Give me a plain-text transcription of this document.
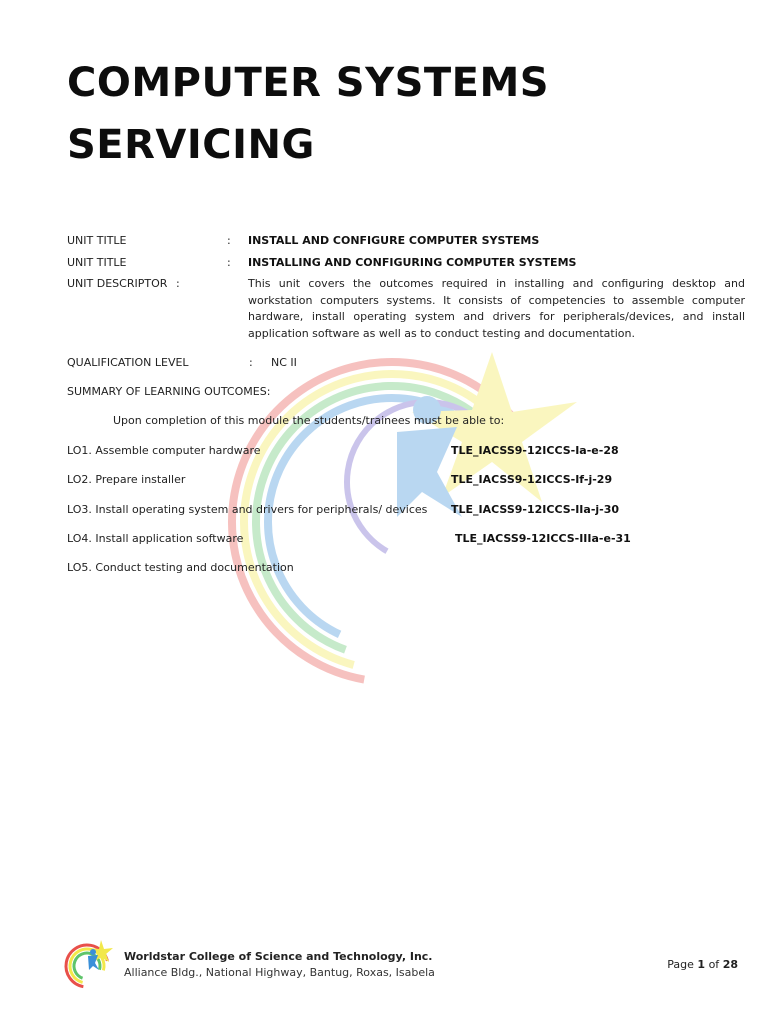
COMPUTER SYSTEMS
SERVICING
UNIT TITLE	: INSTALL AND CONFIGURE COMPUTER SYSTEMS
UNIT TITLE	: INSTALLING AND CONFIGURING COMPUTER SYSTEMS
UNIT DESCRIPTOR :	This unit covers the outcomes required in installing and configuring desktop and workstation computers systems. It consists of competencies to assemble computer hardware, install operating system and drivers for peripherals/devices, and install application software as well as to conduct testing and documentation.
QUALIFICATION LEVEL	: NC II
SUMMARY OF LEARNING OUTCOMES:
Upon completion of this module the students/trainees must be able to:
LO1. Assemble computer hardware	TLE_IACSS9-12ICCS-Ia-e-28
LO2. Prepare installer	TLE_IACSS9-12ICCS-If-j-29
LO3. Install operating system and drivers for peripherals/ devices TLE_IACSS9-12ICCS-IIa-j-30
LO4. Install application software	TLE_IACSS9-12ICCS-IIIa-e-31
LO5. Conduct testing and documentation
Worldstar College of Science and Technology, Inc.
Alliance Bldg., National Highway, Bantug, Roxas, Isabela
Page 1 of 28
